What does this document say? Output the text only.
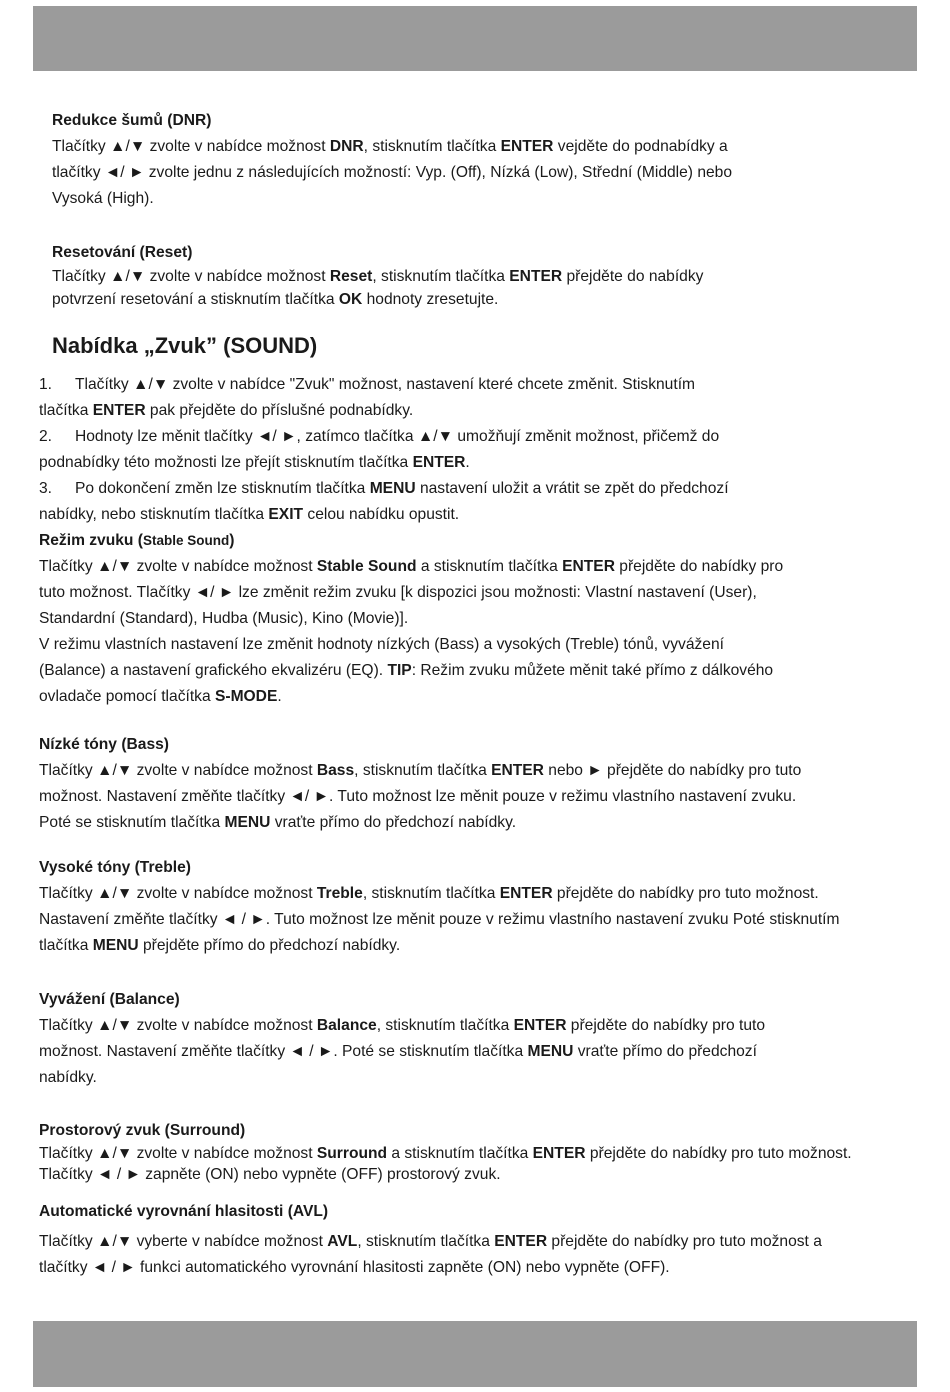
Redukce šumů (DNR)
Tlačítky ▲/▼ zvolte v nabídce možnost DNR, stisknutím tlačítka ENTER vejděte do podnabídky a
tlačítky ◄/ ► zvolte jednu z následujících možností: Vyp. (Off), Nízká (Low), Střední (Middle) nebo
Vysoká (High).
Resetování (Reset)
Tlačítky ▲/▼ zvolte v nabídce možnost Reset, stisknutím tlačítka ENTER přejděte do nabídky
potvrzení resetování a stisknutím tlačítka OK hodnoty zresetujte.
Nabídka „Zvuk” (SOUND)
1. Tlačítky ▲/▼ zvolte v nabídce "Zvuk" možnost, nastavení které chcete změnit. Stisknutím
tlačítka ENTER pak přejděte do příslušné podnabídky.
2. Hodnoty lze měnit tlačítky ◄/ ►, zatímco tlačítka ▲/▼ umožňují změnit možnost, přičemž do
podnabídky této možnosti lze přejít stisknutím tlačítka ENTER.
3. Po dokončení změn lze stisknutím tlačítka MENU nastavení uložit a vrátit se zpět do předchozí
nabídky, nebo stisknutím tlačítka EXIT celou nabídku opustit.
Režim zvuku (Stable Sound)
Tlačítky ▲/▼ zvolte v nabídce možnost Stable Sound a stisknutím tlačítka ENTER přejděte do nabídky pro
tuto možnost. Tlačítky ◄/ ► lze změnit režim zvuku [k dispozici jsou možnosti: Vlastní nastavení (User),
Standardní (Standard), Hudba (Music), Kino (Movie)].
V režimu vlastních nastavení lze změnit hodnoty nízkých (Bass) a vysokých (Treble) tónů, vyvážení
(Balance) a nastavení grafického ekvalizéru (EQ). TIP: Režim zvuku můžete měnit také přímo z dálkového
ovladače pomocí tlačítka S-MODE.
Nízké tóny (Bass)
Tlačítky ▲/▼ zvolte v nabídce možnost Bass, stisknutím tlačítka ENTER nebo ► přejděte do nabídky pro tuto
možnost. Nastavení změňte tlačítky ◄/ ►. Tuto možnost lze měnit pouze v režimu vlastního nastavení zvuku.
Poté se stisknutím tlačítka MENU vraťte přímo do předchozí nabídky.
Vysoké tóny (Treble)
Tlačítky ▲/▼ zvolte v nabídce možnost Treble, stisknutím tlačítka ENTER přejděte do nabídky pro tuto možnost.
Nastavení změňte tlačítky ◄ / ►. Tuto možnost lze měnit pouze v režimu vlastního nastavení zvuku Poté stisknutím
tlačítka MENU přejděte přímo do předchozí nabídky.
Vyvážení (Balance)
Tlačítky ▲/▼ zvolte v nabídce možnost Balance, stisknutím tlačítka ENTER přejděte do nabídky pro tuto
možnost. Nastavení změňte tlačítky ◄ / ►. Poté se stisknutím tlačítka MENU vraťte přímo do předchozí
nabídky.
Prostorový zvuk (Surround)
Tlačítky ▲/▼ zvolte v nabídce možnost Surround a stisknutím tlačítka ENTER přejděte do nabídky pro tuto možnost.
Tlačítky ◄ / ► zapněte (ON) nebo vypněte (OFF) prostorový zvuk.
Automatické vyrovnání hlasitosti (AVL)
Tlačítky ▲/▼ vyberte v nabídce možnost AVL, stisknutím tlačítka ENTER přejděte do nabídky pro tuto možnost a
tlačítky ◄ / ► funkci automatického vyrovnání hlasitosti zapněte (ON) nebo vypněte (OFF).
